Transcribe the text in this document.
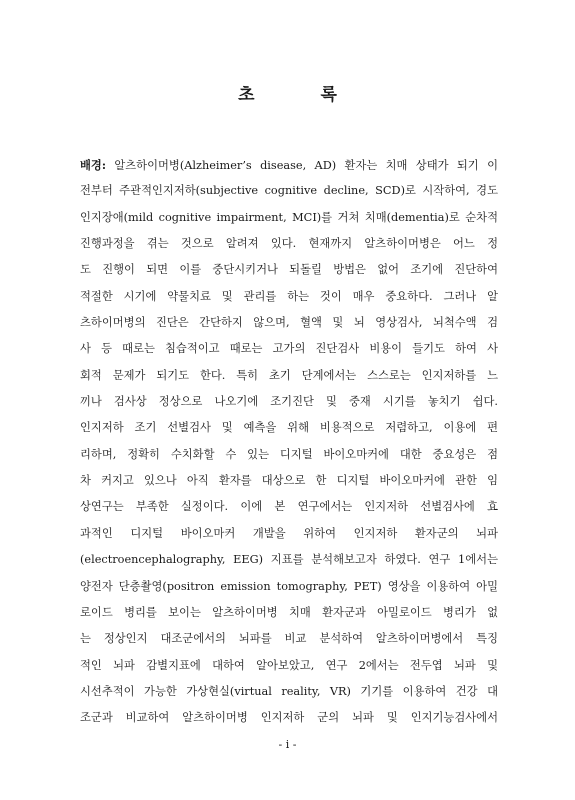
초 록
배경: 알츠하이머병(Alzheimer’s disease, AD) 환자는 치매 상태가 되기 이
전부터 주관적인지저하(subjective cognitive decline, SCD)로 시작하여, 경도
인지장애(mild cognitive impairment, MCI)를 거쳐 치매(dementia)로 순차적
진행과정을 겪는 것으로 알려져 있다. 현재까지 알츠하이머병은 어느 정
도 진행이 되면 이를 중단시키거나 되돌릴 방법은 없어 조기에 진단하여
적절한 시기에 약물치료 및 관리를 하는 것이 매우 중요하다. 그러나 알
츠하이머병의 진단은 간단하지 않으며, 혈액 및 뇌 영상검사, 뇌척수액 검
사 등 때로는 침습적이고 때로는 고가의 진단검사 비용이 들기도 하여 사
회적 문제가 되기도 한다. 특히 초기 단계에서는 스스로는 인지저하를 느
끼나 검사상 정상으로 나오기에 조기진단 및 중재 시기를 놓치기 쉽다.
인지저하 조기 선별검사 및 예측을 위해 비용적으로 저렴하고, 이용에 편
리하며, 정확히 수치화할 수 있는 디지털 바이오마커에 대한 중요성은 점
차 커지고 있으나 아직 환자를 대상으로 한 디지털 바이오마커에 관한 임
상연구는 부족한 실정이다. 이에 본 연구에서는 인지저하 선별검사에 효
과적인 디지털 바이오마커 개발을 위하여 인지저하 환자군의 뇌파
(electroencephalography, EEG) 지표를 분석해보고자 하였다. 연구 1에서는
양전자 단층촬영(positron emission tomography, PET) 영상을 이용하여 아밀
로이드 병리를 보이는 알츠하이머병 치매 환자군과 아밀로이드 병리가 없
는 정상인지 대조군에서의 뇌파를 비교 분석하여 알츠하이머병에서 특징
적인 뇌파 감별지표에 대하여 알아보았고, 연구 2에서는 전두엽 뇌파 및
시선추적이 가능한 가상현실(virtual reality, VR) 기기를 이용하여 건강 대
조군과 비교하여 알츠하이머병 인지저하 군의 뇌파 및 인지기능검사에서
- i -
